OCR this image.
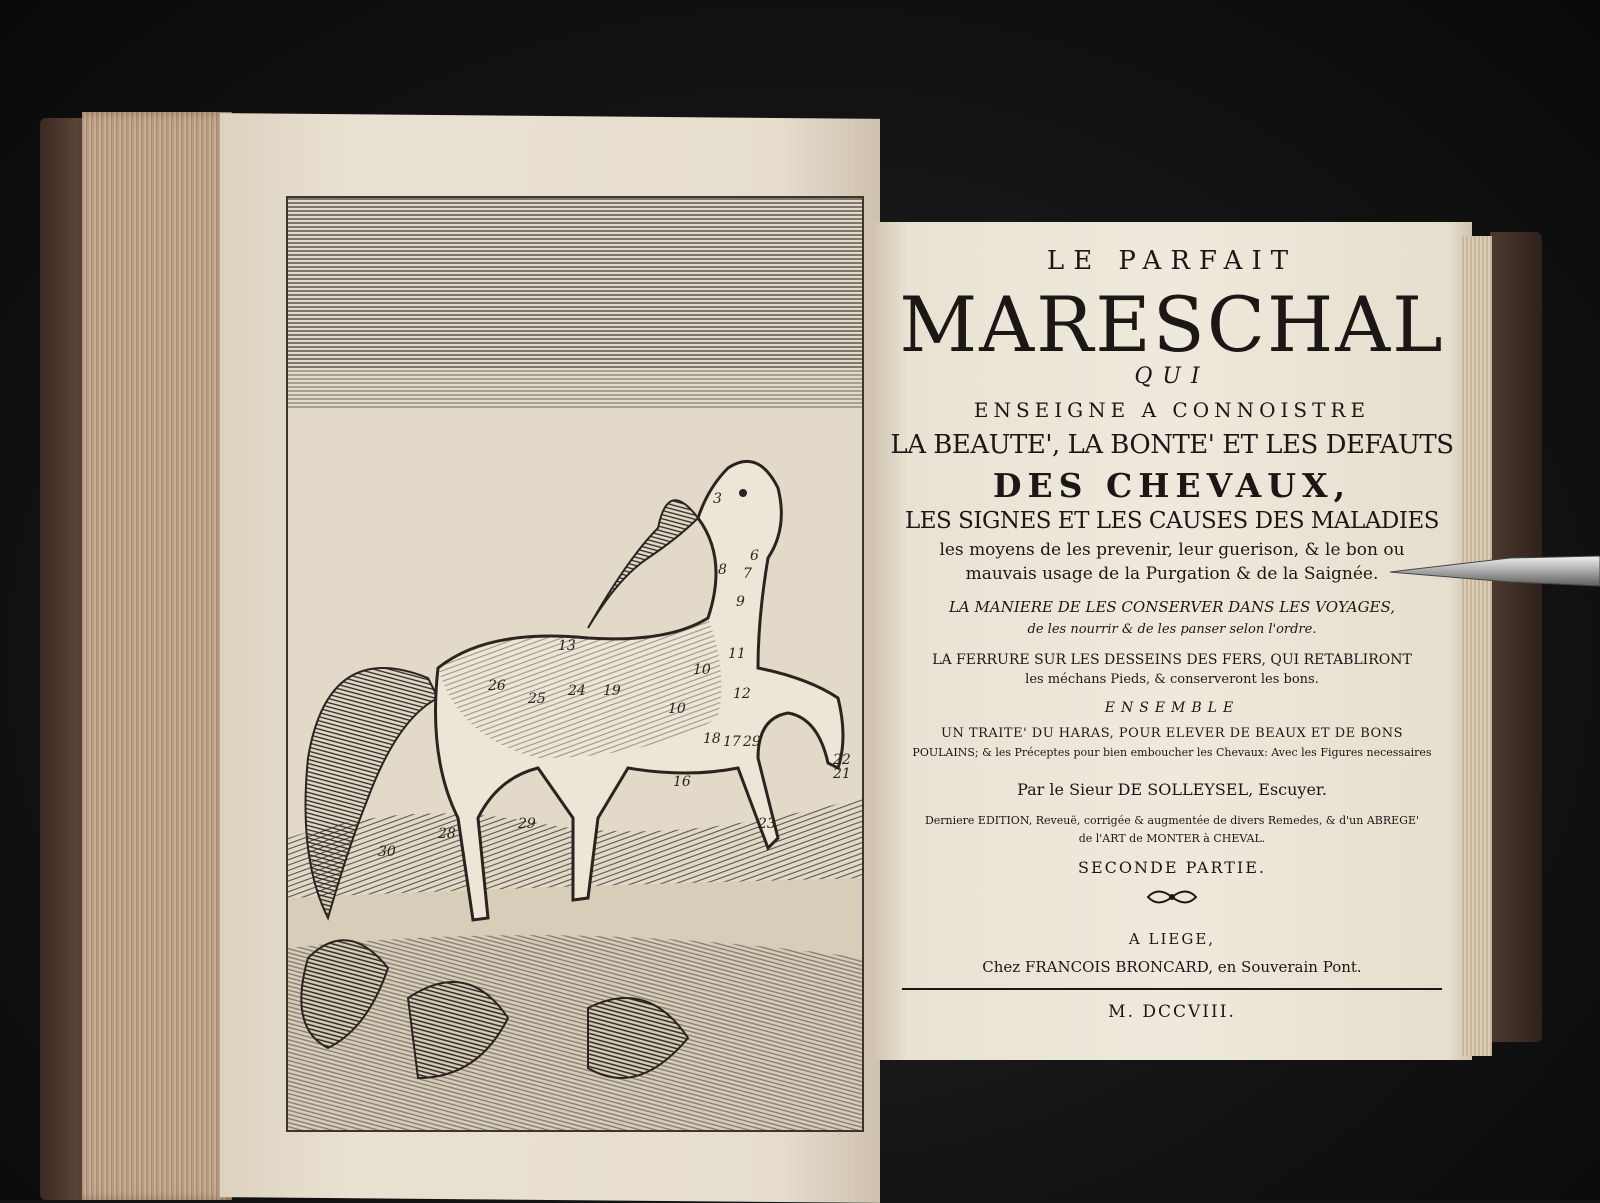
13
26
25 24 19
10
11
12
10
18 17 29
16
22
21
29	23
28
30
3
6
7
8
9
LE PARFAIT
MARESCHAL
QUI
ENSEIGNE A CONNOISTRE
LA BEAUTE', LA BONTE' ET LES DEFAUTS
DES CHEVAUX,
LES SIGNES ET LES CAUSES DES MALADIES
les moyens de les prevenir, leur guerison, & le bon ou
mauvais usage de la Purgation & de la Saignée.
LA MANIERE DE LES CONSERVER DANS LES VOYAGES,
de les nourrir & de les panser selon l'ordre.
LA FERRURE SUR LES DESSEINS DES FERS, QUI RETABLIRONT
les méchans Pieds, & conserveront les bons.
ENSEMBLE
UN TRAITE' DU HARAS, POUR ELEVER DE BEAUX ET DE BONS
POULAINS; & les Préceptes pour bien emboucher les Chevaux: Avec les Figures necessaires
Par le Sieur DE SOLLEYSEL, Escuyer.
Derniere EDITION, Reveuë, corrigée & augmentée de divers Remedes, & d'un ABREGE'
de l'ART de MONTER à CHEVAL.
SECONDE PARTIE.
A LIEGE,
Chez FRANCOIS BRONCARD, en Souverain Pont.
M. DCCVIII.
